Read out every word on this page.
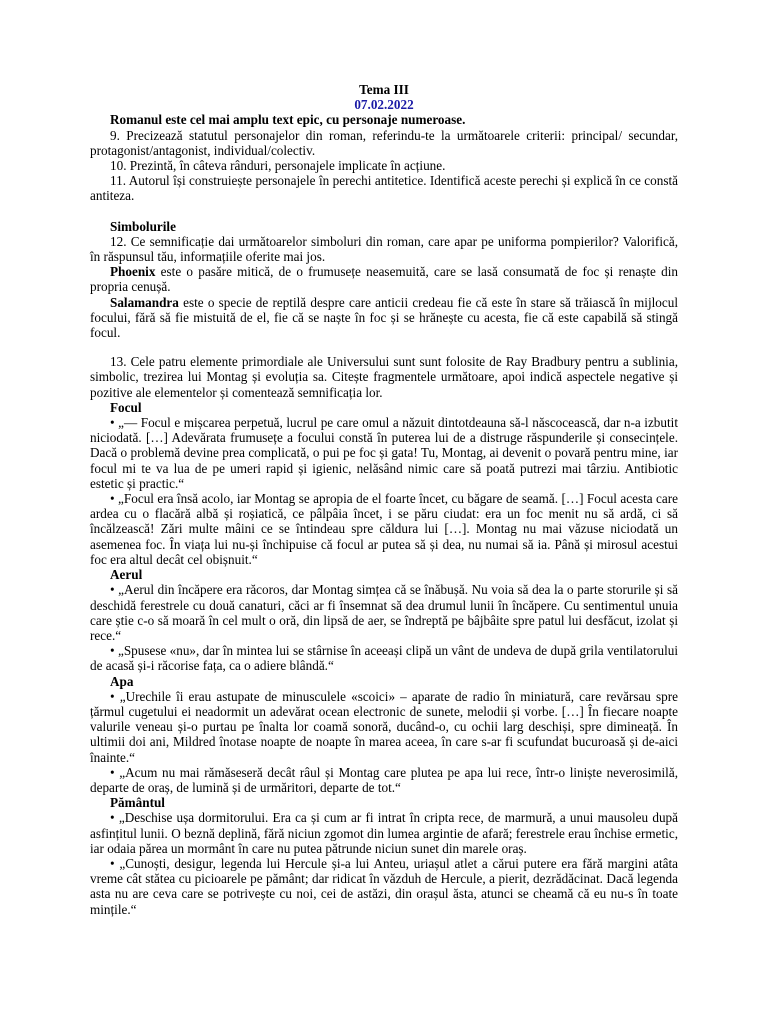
Tema III
07.02.2022

Romanul este cel mai amplu text epic, cu personaje numeroase.

9. Precizează statutul personajelor din roman, referindu-te la următoarele criterii: principal/ secundar, protagonist/antagonist, individual/colectiv.

10. Prezintă, în câteva rânduri, personajele implicate în acțiune.

11. Autorul își construiește personajele în perechi antitetice. Identifică aceste perechi și explică în ce constă antiteza.

Simbolurile

12. Ce semnificație dai următoarelor simboluri din roman, care apar pe uniforma pompierilor? Valorifică, în răspunsul tău, informațiile oferite mai jos.

Phoenix este o pasăre mitică, de o frumusețe neasemuită, care se lasă consumată de foc și renaște din propria cenușă.

Salamandra este o specie de reptilă despre care anticii credeau fie că este în stare să trăiască în mijlocul focului, fără să fie mistuită de el, fie că se naște în foc și se hrănește cu acesta, fie că este capabilă să stingă focul.

13. Cele patru elemente primordiale ale Universului sunt sunt folosite de Ray Bradbury pentru a sublinia, simbolic, trezirea lui Montag și evoluția sa. Citește fragmentele următoare, apoi indică aspectele negative și pozitive ale elementelor și comentează semnificația lor.

Focul

• „— Focul e mișcarea perpetuă, lucrul pe care omul a năzuit dintotdeauna să-l născocească, dar n-a izbutit niciodată. […] Adevărata frumusețe a focului constă în puterea lui de a distruge răspunderile și consecințele. Dacă o problemă devine prea complicată, o pui pe foc și gata! Tu, Montag, ai devenit o povară pentru mine, iar focul mi te va lua de pe umeri rapid și igienic, nelăsând nimic care să poată putrezi mai târziu. Antibiotic estetic și practic.“

• „Focul era însă acolo, iar Montag se apropia de el foarte încet, cu băgare de seamă. […] Focul acesta care ardea cu o flacără albă și roșiatică, ce pâlpâia încet, i se păru ciudat: era un foc menit nu să ardă, ci să încălzească! Zări multe mâini ce se întindeau spre căldura lui […]. Montag nu mai văzuse niciodată un asemenea foc. În viața lui nu-și închipuise că focul ar putea să și dea, nu numai să ia. Până și mirosul acestui foc era altul decât cel obișnuit.“

Aerul

• „Aerul din încăpere era răcoros, dar Montag simțea că se înăbușă. Nu voia să dea la o parte storurile și să deschidă ferestrele cu două canaturi, căci ar fi însemnat să dea drumul lunii în încăpere. Cu sentimentul unuia care știe c-o să moară în cel mult o oră, din lipsă de aer, se îndreptă pe bâjbâite spre patul lui desfăcut, izolat și rece.“

• „Spusese «nu», dar în mintea lui se stârnise în aceeași clipă un vânt de undeva de după grila ventilatorului de acasă și-i răcorise fața, ca o adiere blândă.“

Apa

• „Urechile îi erau astupate de minusculele «scoici» – aparate de radio în miniatură, care revărsau spre țărmul cugetului ei neadormit un adevărat ocean electronic de sunete, melodii și vorbe. […] În fiecare noapte valurile veneau și-o purtau pe înalta lor coamă sonoră, ducând-o, cu ochii larg deschiși, spre dimineață. În ultimii doi ani, Mildred înotase noapte de noapte în marea aceea, în care s-ar fi scufundat bucuroasă și de-aici înainte.“

• „Acum nu mai rămăseseră decât râul și Montag care plutea pe apa lui rece, într-o liniște neverosimilă, departe de oraș, de lumină și de urmăritori, departe de tot.“

Pământul

• „Deschise ușa dormitorului. Era ca și cum ar fi intrat în cripta rece, de marmură, a unui mausoleu după asfințitul lunii. O beznă deplină, fără niciun zgomot din lumea argintie de afară; ferestrele erau închise ermetic, iar odaia părea un mormânt în care nu putea pătrunde niciun sunet din marele oraș.

• „Cunoști, desigur, legenda lui Hercule și-a lui Anteu, uriașul atlet a cărui putere era fără margini atâta vreme cât stătea cu picioarele pe pământ; dar ridicat în văzduh de Hercule, a pierit, dezrădăcinat. Dacă legenda asta nu are ceva care se potrivește cu noi, cei de astăzi, din orașul ăsta, atunci se cheamă că eu nu-s în toate mințile.“
